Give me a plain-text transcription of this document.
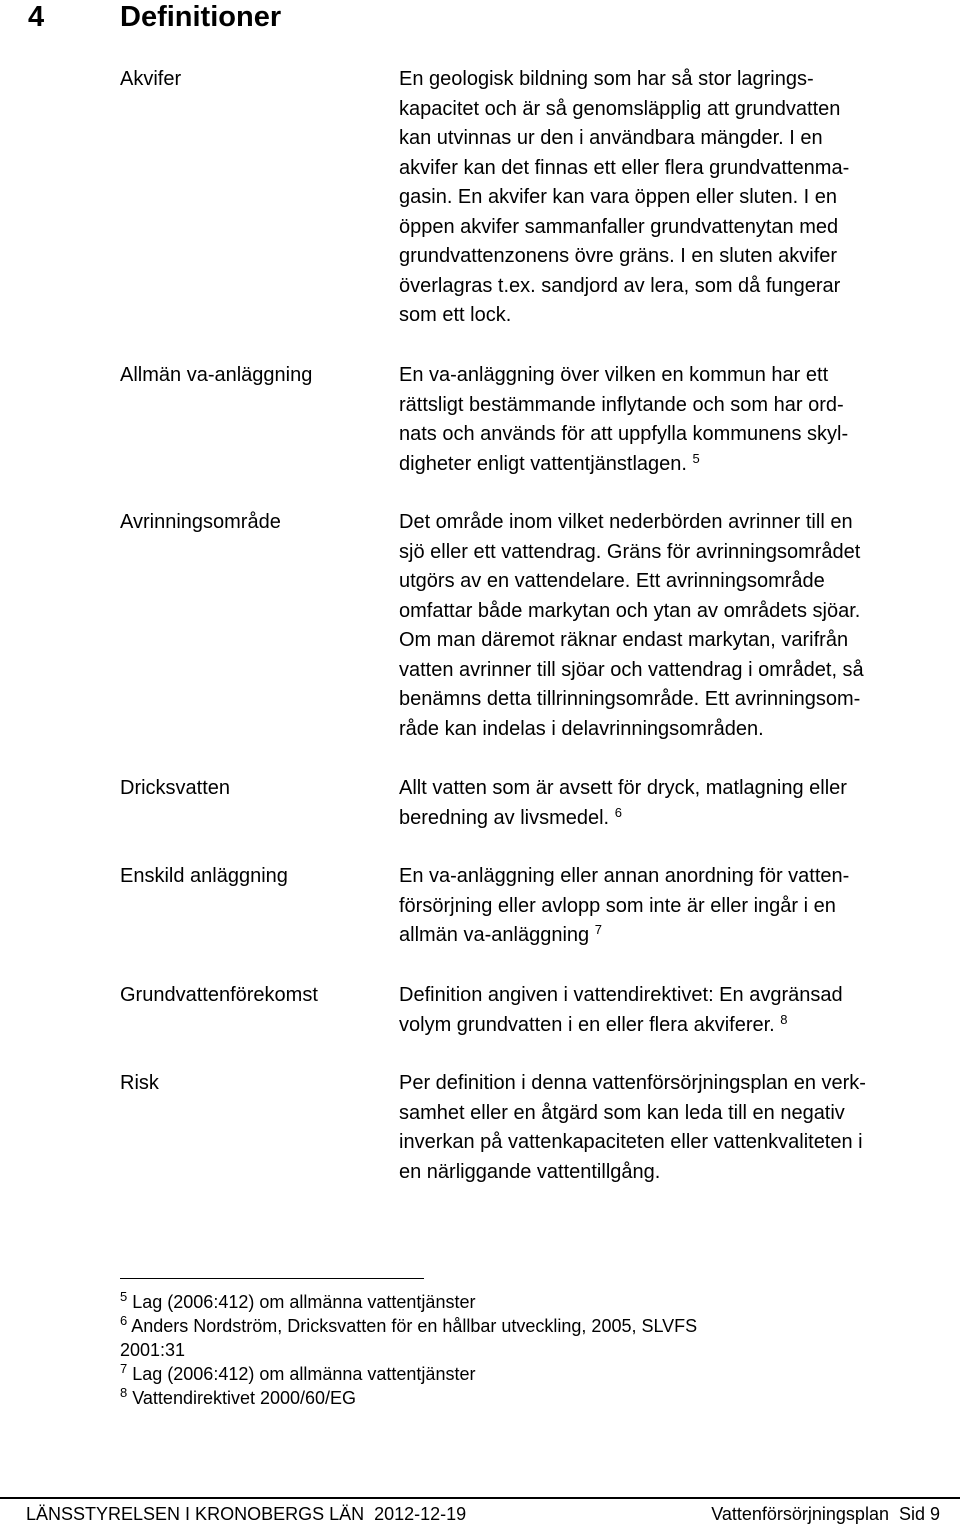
4	Definitioner
Akvifer	En geologisk bildning som har så stor lagrings-
kapacitet och är så genomsläpplig att grundvatten
kan utvinnas ur den i användbara mängder. I en
akvifer kan det finnas ett eller flera grundvattenma-
gasin. En akvifer kan vara öppen eller sluten. I en
öppen akvifer sammanfaller grundvattenytan med
grundvattenzonens övre gräns. I en sluten akvifer
överlagras t.ex. sandjord av lera, som då fungerar
som ett lock.
Allmän va-anläggning	En va-anläggning över vilken en kommun har ett
rättsligt bestämmande inflytande och som har ord-
nats och används för att uppfylla kommunens skyl-
digheter enligt vattentjänstlagen. $^5$
Avrinningsområde	Det område inom vilket nederbörden avrinner till en
sjö eller ett vattendrag. Gräns för avrinningsområdet
utgörs av en vattendelare. Ett avrinningsområde
omfattar både markytan och ytan av områdets sjöar.
Om man däremot räknar endast markytan, varifrån
vatten avrinner till sjöar och vattendrag i området, så
benämns detta tillrinningsområde. Ett avrinningsom-
råde kan indelas i delavrinningsområden.
Dricksvatten	Allt vatten som är avsett för dryck, matlagning eller
beredning av livsmedel. $^6$
Enskild anläggning	En va-anläggning eller annan anordning för vatten-
försörjning eller avlopp som inte är eller ingår i en
allmän va-anläggning $^7$
Grundvattenförekomst	Definition angiven i vattendirektivet: En avgränsad
volym grundvatten i en eller flera akviferer. $^8$
Risk	Per definition i denna vattenförsörjningsplan en verk-
samhet eller en åtgärd som kan leda till en negativ
inverkan på vattenkapaciteten eller vattenkvaliteten i
en närliggande vattentillgång.
$^5$ Lag (2006:412) om allmänna vattentjänster
$^6$ Anders Nordström, Dricksvatten för en hållbar utveckling, 2005, SLVFS
2001:31
$^7$ Lag (2006:412) om allmänna vattentjänster
$^8$ Vattendirektivet 2000/60/EG
LÄNSSTYRELSEN I KRONOBERGS LÄN 2012-12-19	Vattenförsörjningsplan Sid 9
